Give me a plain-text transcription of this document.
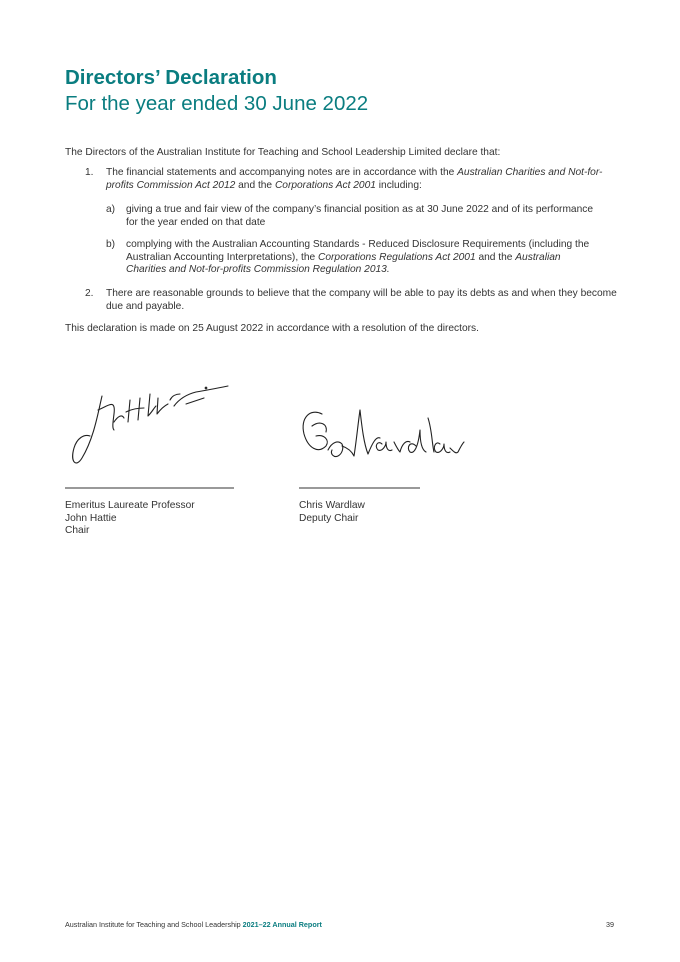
Directors’ Declaration
For the year ended 30 June 2022
The Directors of the Australian Institute for Teaching and School Leadership Limited declare that:
1. The financial statements and accompanying notes are in accordance with the Australian Charities and Not-for-profits Commission Act 2012 and the Corporations Act 2001 including:
a) giving a true and fair view of the company’s financial position as at 30 June 2022 and of its performance for the year ended on that date
b) complying with the Australian Accounting Standards - Reduced Disclosure Requirements (including the Australian Accounting Interpretations), the Corporations Regulations Act 2001 and the Australian Charities and Not-for-profits Commission Regulation 2013.
2. There are reasonable grounds to believe that the company will be able to pay its debts as and when they become due and payable.
This declaration is made on 25 August 2022 in accordance with a resolution of the directors.
Emeritus Laureate Professor
John Hattie
Chair
Chris Wardlaw
Deputy Chair
Australian Institute for Teaching and School Leadership 2021–22 Annual Report	39
